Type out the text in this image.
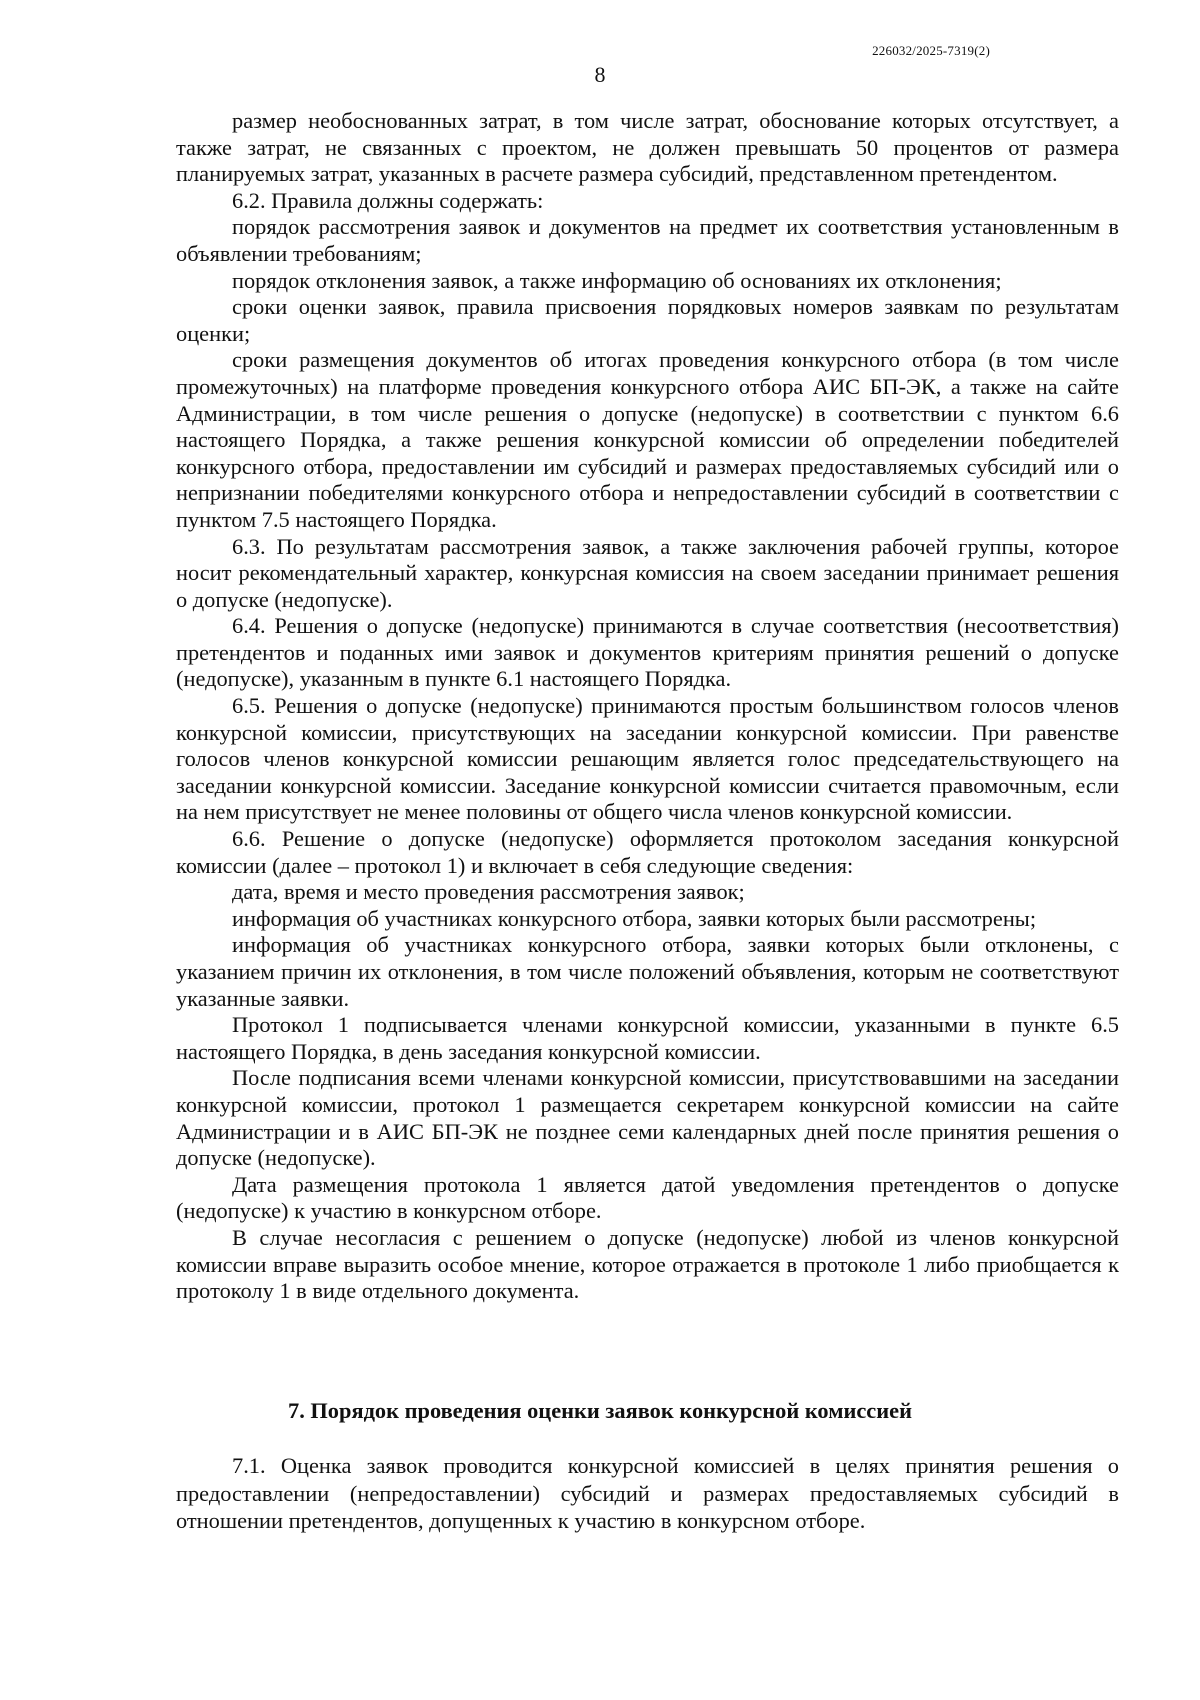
226032/2025-7319(2)
8

размер необоснованных затрат, в том числе затрат, обоснование которых отсутствует, а также затрат, не связанных с проектом, не должен превышать 50 процентов от размера планируемых затрат, указанных в расчете размера субсидий, представленном претендентом.

6.2. Правила должны содержать:

порядок рассмотрения заявок и документов на предмет их соответствия установленным в объявлении требованиям;

порядок отклонения заявок, а также информацию об основаниях их отклонения;

сроки оценки заявок, правила присвоения порядковых номеров заявкам по результатам оценки;

сроки размещения документов об итогах проведения конкурсного отбора (в том числе промежуточных) на платформе проведения конкурсного отбора АИС БП-ЭК, а также на сайте Администрации, в том числе решения о допуске (недопуске) в соответствии с пунктом 6.6 настоящего Порядка, а также решения конкурсной комиссии об определении победителей конкурсного отбора, предоставлении им субсидий и размерах предоставляемых субсидий или о непризнании победителями конкурсного отбора и непредоставлении субсидий в соответствии с пунктом 7.5 настоящего Порядка.

6.3. По результатам рассмотрения заявок, а также заключения рабочей группы, которое носит рекомендательный характер, конкурсная комиссия на своем заседании принимает решения о допуске (недопуске).

6.4. Решения о допуске (недопуске) принимаются в случае соответствия (несоответствия) претендентов и поданных ими заявок и документов критериям принятия решений о допуске (недопуске), указанным в пункте 6.1 настоящего Порядка.

6.5. Решения о допуске (недопуске) принимаются простым большинством голосов членов конкурсной комиссии, присутствующих на заседании конкурсной комиссии. При равенстве голосов членов конкурсной комиссии решающим является голос председательствующего на заседании конкурсной комиссии. Заседание конкурсной комиссии считается правомочным, если на нем присутствует не менее половины от общего числа членов конкурсной комиссии.

6.6. Решение о допуске (недопуске) оформляется протоколом заседания конкурсной комиссии (далее – протокол 1) и включает в себя следующие сведения:

дата, время и место проведения рассмотрения заявок;

информация об участниках конкурсного отбора, заявки которых были рассмотрены;

информация об участниках конкурсного отбора, заявки которых были отклонены, с указанием причин их отклонения, в том числе положений объявления, которым не соответствуют указанные заявки.

Протокол 1 подписывается членами конкурсной комиссии, указанными в пункте 6.5 настоящего Порядка, в день заседания конкурсной комиссии.

После подписания всеми членами конкурсной комиссии, присутствовавшими на заседании конкурсной комиссии, протокол 1 размещается секретарем конкурсной комиссии на сайте Администрации и в АИС БП-ЭК не позднее семи календарных дней после принятия решения о допуске (недопуске).

Дата размещения протокола 1 является датой уведомления претендентов о допуске (недопуске) к участию в конкурсном отборе.

В случае несогласия с решением о допуске (недопуске) любой из членов конкурсной комиссии вправе выразить особое мнение, которое отражается в протоколе 1 либо приобщается к протоколу 1 в виде отдельного документа.

7. Порядок проведения оценки заявок конкурсной комиссией

7.1. Оценка заявок проводится конкурсной комиссией в целях принятия решения о предоставлении (непредоставлении) субсидий и размерах предоставляемых субсидий в отношении претендентов, допущенных к участию в конкурсном отборе.
